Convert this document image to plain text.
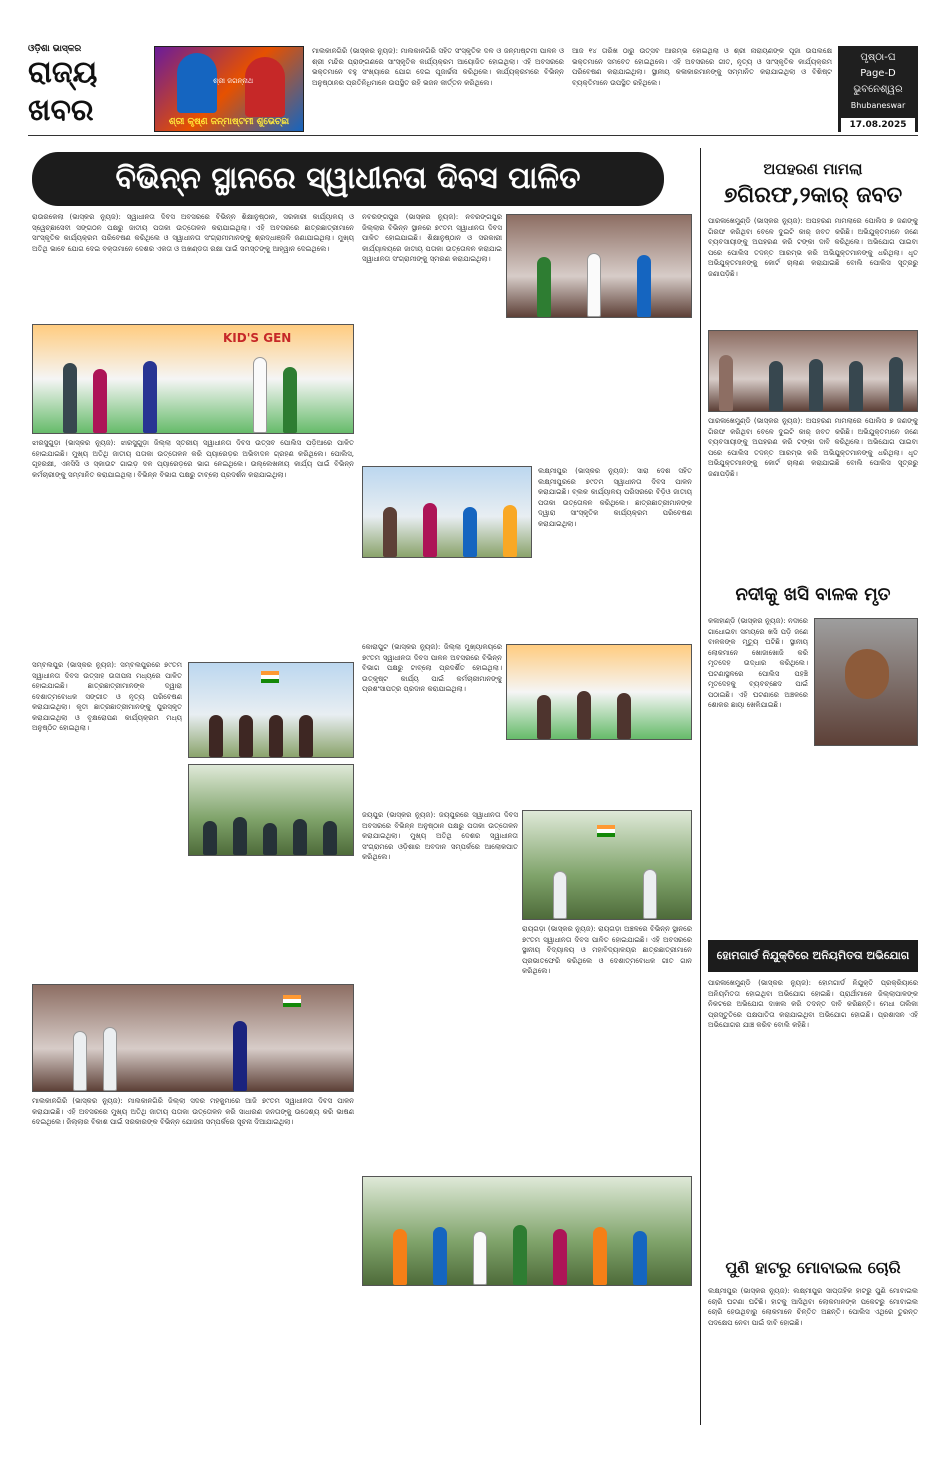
ଓଡ଼ିଶା ଭାସ୍କର
ରାଜ୍ୟ
ଖବର
ଶ୍ରୀ ଜଗନ୍ନାଥ
ଶ୍ରୀ କୃଷ୍ଣ ଜନ୍ମାଷ୍ଟମୀ ଶୁଭେଚ୍ଛା
ମାଲକାନଗିରି (ଭାସ୍କର ନ୍ୟୁଜ): ମାଲକାନଗିରି ସହିତ ସଂସ୍କୃତିକ ଦଳ ଓ ଜନ୍ମାଷ୍ଟମୀ ପାଳନ ଓ ଶ୍ରୀ ମନ୍ଦିର ପ୍ରାଙ୍ଗଣରେ ସାଂସ୍କୃତିକ କାର୍ଯ୍ୟକ୍ରମ ଆୟୋଜିତ ହୋଇଥିଲା। ଏହି ଅବସରରେ ଭକ୍ତମାନେ ବହୁ ସଂଖ୍ୟାରେ ଯୋଗ ଦେଇ ପୂଜାର୍ଚ୍ଚନା କରିଥିଲେ। କାର୍ଯ୍ୟକ୍ରମରେ ବିଭିନ୍ନ ଅନୁଷ୍ଠାନର ପ୍ରତିନିଧିମାନେ ଉପସ୍ଥିତ ରହି ଭଜନ କୀର୍ତ୍ତନ କରିଥିଲେ।
ଆଜ ୧୪ ତାରିଖ ଠାରୁ ଉତ୍ସବ ଆରମ୍ଭ ହୋଇଥିଲା ଓ ଶ୍ରୀ ନାରାୟଣଙ୍କ ପୂଜା ଉପଲକ୍ଷେ ଭକ୍ତମାନେ ସମବେତ ହୋଇଥିଲେ। ଏହି ଅବସରରେ ଗୀତ, ନୃତ୍ୟ ଓ ସାଂସ୍କୃତିକ କାର୍ଯ୍ୟକ୍ରମ ପରିବେଷଣ କରାଯାଇଥିଲା। ସ୍ଥାନୀୟ କଳାକାରମାନଙ୍କୁ ସମ୍ମାନିତ କରାଯାଇଥିଲା ଓ ବିଶିଷ୍ଟ ବ୍ୟକ୍ତିମାନେ ଉପସ୍ଥିତ ରହିଥିଲେ।
ପୃଷ୍ଠା-ଘ
Page-D
ଭୁବନେଶ୍ୱର
Bhubaneswar
17.08.2025
ବିଭିନ୍ନ ସ୍ଥାନରେ ସ୍ୱାଧୀନତା ଦିବସ ପାଳିତ
ରାଉରକେଲା (ଭାସ୍କର ନ୍ୟୁଜ): ସ୍ୱାଧୀନତା ଦିବସ ଅବସରରେ ବିଭିନ୍ନ ଶିକ୍ଷାନୁଷ୍ଠାନ, ସରକାରୀ କାର୍ଯ୍ୟାଳୟ ଓ ସ୍ୱେଚ୍ଛାସେବୀ ସଙ୍ଗଠନ ପକ୍ଷରୁ ଜାତୀୟ ପତାକା ଉତ୍ତୋଳନ କରାଯାଇଥିଲା। ଏହି ଅବସରରେ ଛାତ୍ରଛାତ୍ରୀମାନେ ସାଂସ୍କୃତିକ କାର୍ଯ୍ୟକ୍ରମ ପରିବେଷଣ କରିଥିଲେ ଓ ସ୍ୱାଧୀନତା ସଂଗ୍ରାମୀମାନଙ୍କୁ ଶ୍ରଦ୍ଧାଞ୍ଜଳି ଜଣାଯାଇଥିଲା। ମୁଖ୍ୟ ଅତିଥି ଭାବେ ଯୋଗ ଦେଇ ବକ୍ତାମାନେ ଦେଶର ଏକତା ଓ ଅଖଣ୍ଡତା ରକ୍ଷା ପାଇଁ ସମସ୍ତଙ୍କୁ ଆହ୍ୱାନ ଦେଇଥିଲେ।
KID'S GEN
ଝାରସୁଗୁଡ଼ା (ଭାସ୍କର ନ୍ୟୁଜ): ଝାରସୁଗୁଡ଼ା ଜିଲ୍ଲା ସ୍ତରୀୟ ସ୍ୱାଧୀନତା ଦିବସ ଉତ୍ସବ ପୋଲିସ ପଡ଼ିଆରେ ପାଳିତ ହୋଇଯାଇଛି। ମୁଖ୍ୟ ଅତିଥି ଜାତୀୟ ପତାକା ଉତ୍ତୋଳନ କରି ପ୍ୟାରେଡ଼ର ଅଭିବାଦନ ଗ୍ରହଣ କରିଥିଲେ। ପୋଲିସ, ଗୃହରକ୍ଷୀ, ଏନସିସି ଓ ସ୍କାଉଟ ଗାଇଡ଼ ଦଳ ପ୍ୟାରେଡ଼ରେ ଭାଗ ନେଇଥିଲେ। ଉଲ୍ଲେଖନୀୟ କାର୍ଯ୍ୟ ପାଇଁ ବିଭିନ୍ନ କର୍ମଚାରୀଙ୍କୁ ସମ୍ମାନିତ କରାଯାଇଥିଲା। ବିଭିନ୍ନ ବିଭାଗ ପକ୍ଷରୁ ଟାବ୍ଲୋ ପ୍ରଦର୍ଶନ କରାଯାଇଥିଲା।
ସମ୍ବଲପୁର (ଭାସ୍କର ନ୍ୟୁଜ): ସମ୍ବଲପୁରରେ ୭୯ତମ ସ୍ୱାଧୀନତା ଦିବସ ଉତ୍ସାହ ଉଦ୍ଦୀପନା ମଧ୍ୟରେ ପାଳିତ ହୋଇଯାଇଛି। ଛାତ୍ରଛାତ୍ରୀମାନଙ୍କ ଦ୍ୱାରା ଦେଶାତ୍ମବୋଧକ ସଙ୍ଗୀତ ଓ ନୃତ୍ୟ ପରିବେଷଣ କରାଯାଇଥିଲା। କୃତୀ ଛାତ୍ରଛାତ୍ରୀମାନଙ୍କୁ ପୁରସ୍କୃତ କରାଯାଇଥିଲା ଓ ବୃକ୍ଷରୋପଣ କାର୍ଯ୍ୟକ୍ରମ ମଧ୍ୟ ଅନୁଷ୍ଠିତ ହୋଇଥିଲା।
ମାଲକାନଗିରି (ଭାସ୍କର ନ୍ୟୁଜ): ମାଲକାନଗିରି ଜିଲ୍ଲା ସଦର ମହକୁମାରେ ଆଜି ୭୯ତମ ସ୍ୱାଧୀନତା ଦିବସ ପାଳନ କରାଯାଇଛି। ଏହି ଅବସରରେ ମୁଖ୍ୟ ଅତିଥି ଜାତୀୟ ପତାକା ଉତ୍ତୋଳନ କରି ସାଧାରଣ ଜନତାଙ୍କୁ ଉଦ୍ଦେଶ୍ୟ କରି ଭାଷଣ ଦେଇଥିଲେ। ଜିଲ୍ଲାର ବିକାଶ ପାଇଁ ସରକାରଙ୍କ ବିଭିନ୍ନ ଯୋଜନା ସମ୍ପର୍କରେ ସୂଚନା ଦିଆଯାଇଥିଲା।
ନବରଙ୍ଗପୁର (ଭାସ୍କର ନ୍ୟୁଜ): ନବରଙ୍ଗପୁର ଜିଲ୍ଲାର ବିଭିନ୍ନ ସ୍ଥାନରେ ୭୯ତମ ସ୍ୱାଧୀନତା ଦିବସ ପାଳିତ ହୋଇଯାଇଛି। ଶିକ୍ଷାନୁଷ୍ଠାନ ଓ ସରକାରୀ କାର୍ଯ୍ୟାଳୟରେ ଜାତୀୟ ପତାକା ଉତ୍ତୋଳନ କରାଯାଇ ସ୍ୱାଧୀନତା ସଂଗ୍ରାମୀଙ୍କୁ ସ୍ମରଣ କରାଯାଇଥିଲା।
ଲକ୍ଷ୍ମୀପୁର (ଭାସ୍କର ନ୍ୟୁଜ): ସାରା ଦେଶ ସହିତ ଲକ୍ଷ୍ମୀପୁରରେ ୭୯ତମ ସ୍ୱାଧୀନତା ଦିବସ ପାଳନ କରାଯାଇଛି। ବ୍ଲକ କାର୍ଯ୍ୟାଳୟ ପରିସରରେ ବିଡ଼ିଓ ଜାତୀୟ ପତାକା ଉତ୍ତୋଳନ କରିଥିଲେ। ଛାତ୍ରଛାତ୍ରୀମାନଙ୍କ ଦ୍ୱାରା ସାଂସ୍କୃତିକ କାର୍ଯ୍ୟକ୍ରମ ପରିବେଷଣ କରାଯାଇଥିଲା।
କୋରାପୁଟ (ଭାସ୍କର ନ୍ୟୁଜ): ଜିଲ୍ଲା ମୁଖ୍ୟାଳୟରେ ୭୯ତମ ସ୍ୱାଧୀନତା ଦିବସ ପାଳନ ଅବସରରେ ବିଭିନ୍ନ ବିଭାଗ ପକ୍ଷରୁ ଟାବ୍ଲୋ ପ୍ରଦର୍ଶିତ ହୋଇଥିଲା। ଉତ୍କୃଷ୍ଟ କାର୍ଯ୍ୟ ପାଇଁ କର୍ମଚାରୀମାନଙ୍କୁ ପ୍ରଶଂସାପତ୍ର ପ୍ରଦାନ କରାଯାଇଥିଲା।
ଜୟପୁର (ଭାସ୍କର ନ୍ୟୁଜ): ଜୟପୁରରେ ସ୍ୱାଧୀନତା ଦିବସ ଅବସରରେ ବିଭିନ୍ନ ଅନୁଷ୍ଠାନ ପକ୍ଷରୁ ପତାକା ଉତ୍ତୋଳନ କରାଯାଇଥିଲା। ମୁଖ୍ୟ ଅତିଥି ଦେଶର ସ୍ୱାଧୀନତା ସଂଗ୍ରାମରେ ଓଡ଼ିଶାର ଅବଦାନ ସମ୍ପର୍କରେ ଆଲୋକପାତ କରିଥିଲେ।
ରାୟଗଡ଼ା (ଭାସ୍କର ନ୍ୟୁଜ): ରାୟଗଡ଼ା ଅଞ୍ଚଳରେ ବିଭିନ୍ନ ସ୍ଥାନରେ ୭୯ତମ ସ୍ୱାଧୀନତା ଦିବସ ପାଳିତ ହୋଇଯାଇଛି। ଏହି ଅବସରରେ ସ୍ଥାନୀୟ ବିଦ୍ୟାଳୟ ଓ ମହାବିଦ୍ୟାଳୟର ଛାତ୍ରଛାତ୍ରୀମାନେ ପ୍ରଭାତଫେରି କରିଥିଲେ ଓ ଦେଶାତ୍ମବୋଧକ ଗୀତ ଗାନ କରିଥିଲେ।
ଅପହରଣ ମାମଲା
୭ଗିରଫ,୨କାର୍ ଜବତ
ପାରଳାଖେମୁଣ୍ଡି (ଭାସ୍କର ନ୍ୟୁଜ): ଅପହରଣ ମାମଲାରେ ପୋଲିସ ୭ ଜଣଙ୍କୁ ଗିରଫ କରିଥିବା ବେଳେ ଦୁଇଟି କାର୍ ଜବତ କରିଛି। ଅଭିଯୁକ୍ତମାନେ ଜଣେ ବ୍ୟବସାୟୀଙ୍କୁ ଅପହରଣ କରି ଟଙ୍କା ଦାବି କରିଥିଲେ। ଅଭିଯୋଗ ପାଇବା ପରେ ପୋଲିସ ତଦନ୍ତ ଆରମ୍ଭ କରି ଅଭିଯୁକ୍ତମାନଙ୍କୁ ଧରିଥିଲା। ଧୃତ ଅଭିଯୁକ୍ତମାନଙ୍କୁ କୋର୍ଟ ଚାଲାଣ କରାଯାଇଛି ବୋଲି ପୋଲିସ ସୂତ୍ରରୁ ଜଣାପଡ଼ିଛି।
ପାରଳାଖେମୁଣ୍ଡି (ଭାସ୍କର ନ୍ୟୁଜ): ଅପହରଣ ମାମଲାରେ ପୋଲିସ ୭ ଜଣଙ୍କୁ ଗିରଫ କରିଥିବା ବେଳେ ଦୁଇଟି କାର୍ ଜବତ କରିଛି। ଅଭିଯୁକ୍ତମାନେ ଜଣେ ବ୍ୟବସାୟୀଙ୍କୁ ଅପହରଣ କରି ଟଙ୍କା ଦାବି କରିଥିଲେ। ଅଭିଯୋଗ ପାଇବା ପରେ ପୋଲିସ ତଦନ୍ତ ଆରମ୍ଭ କରି ଅଭିଯୁକ୍ତମାନଙ୍କୁ ଧରିଥିଲା। ଧୃତ ଅଭିଯୁକ୍ତମାନଙ୍କୁ କୋର୍ଟ ଚାଲାଣ କରାଯାଇଛି ବୋଲି ପୋଲିସ ସୂତ୍ରରୁ ଜଣାପଡ଼ିଛି।
ନଦୀକୁ ଖସି ବାଳକ ମୃତ
କଳାହାଣ୍ଡି (ଭାସ୍କର ନ୍ୟୁଜ): ନଦୀରେ ଗାଧୋଇବା ସମୟରେ ଖସି ପଡ଼ି ଜଣେ ବାଳକଙ୍କ ମୃତ୍ୟୁ ଘଟିଛି। ସ୍ଥାନୀୟ ଲୋକମାନେ ଖୋଜାଖୋଜି କରି ମୃତଦେହ ଉଦ୍ଧାର କରିଥିଲେ। ଘଟଣାସ୍ଥଳରେ ପୋଲିସ ପହଞ୍ଚି ମୃତଦେହକୁ ବ୍ୟବଚ୍ଛେଦ ପାଇଁ ପଠାଇଛି। ଏହି ଘଟଣାରେ ଅଞ୍ଚଳରେ ଶୋକର ଛାୟା ଖେଳିଯାଇଛି।
ହୋମଗାର୍ଡ ନିଯୁକ୍ତିରେ ଅନିୟମିତତା ଅଭିଯୋଗ
ପାରଳାଖେମୁଣ୍ଡି (ଭାସ୍କର ନ୍ୟୁଜ): ହୋମଗାର୍ଡ ନିଯୁକ୍ତି ପ୍ରକ୍ରିୟାରେ ଅନିୟମିତତା ହୋଇଥିବା ଅଭିଯୋଗ ହୋଇଛି। ପ୍ରାର୍ଥୀମାନେ ଜିଲ୍ଲାପାଳଙ୍କ ନିକଟରେ ଅଭିଯୋଗ ଦାଖଲ କରି ତଦନ୍ତ ଦାବି କରିଛନ୍ତି। ମେଧା ତାଲିକା ପ୍ରସ୍ତୁତିରେ ପକ୍ଷପାତିତା କରାଯାଇଥିବା ଅଭିଯୋଗ ହୋଇଛି। ପ୍ରଶାସନ ଏହି ଅଭିଯୋଗର ଯାଞ୍ଚ କରିବ ବୋଲି କହିଛି।
ପୁଣି ହାଟରୁ ମୋବାଇଲ ଚୋରି
ଲକ୍ଷ୍ମୀପୁର (ଭାସ୍କର ନ୍ୟୁଜ): ଲକ୍ଷ୍ମୀପୁର ସାପ୍ତାହିକ ହାଟରୁ ପୁଣି ମୋବାଇଲ ଚୋରି ଘଟଣା ଘଟିଛି। ହାଟକୁ ଆସିଥିବା ଲୋକମାନଙ୍କ ପକେଟରୁ ମୋବାଇଲ ଚୋରି ହେଉଥିବାରୁ ଲୋକମାନେ ଚିନ୍ତିତ ଅଛନ୍ତି। ପୋଲିସ ଏଥିରେ ତୁରନ୍ତ ପଦକ୍ଷେପ ନେବା ପାଇଁ ଦାବି ହୋଇଛି।
